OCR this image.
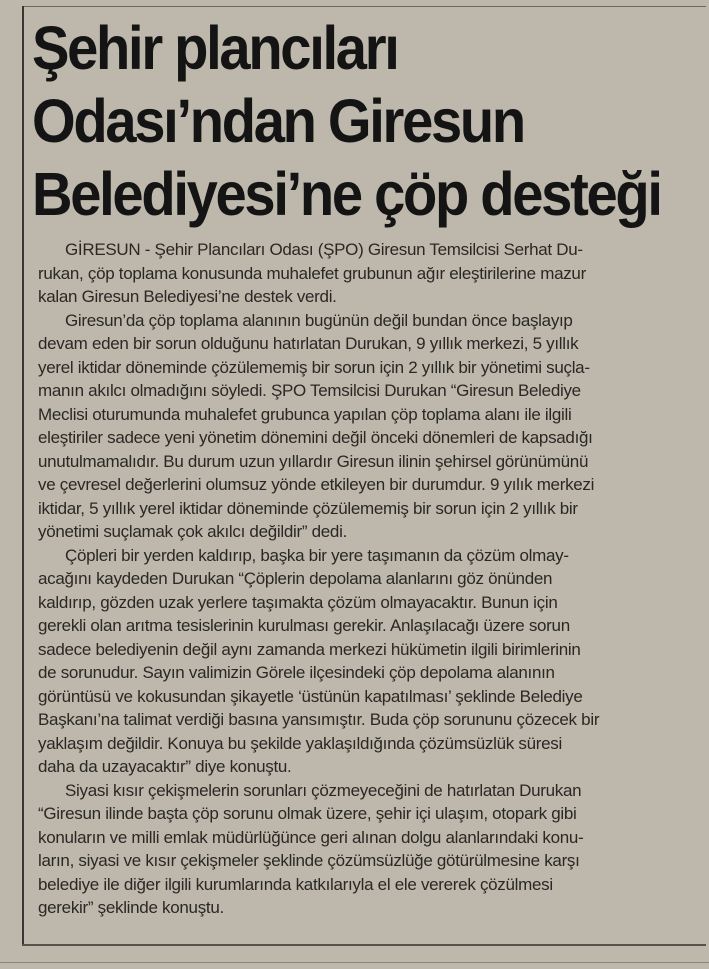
Şehir plancıları
Odası’ndan Giresun
Belediyesi’ne çöp desteği
GİRESUN - Şehir Plancıları Odası (ŞPO) Giresun Temsilcisi Serhat Du-
rukan, çöp toplama konusunda muhalefet grubunun ağır eleştirilerine mazur
kalan Giresun Belediyesi’ne destek verdi.
Giresun’da çöp toplama alanının bugünün değil bundan önce başlayıp
devam eden bir sorun olduğunu hatırlatan Durukan, 9 yıllık merkezi, 5 yıllık
yerel iktidar döneminde çözülememiş bir sorun için 2 yıllık bir yönetimi suçla-
manın akılcı olmadığını söyledi. ŞPO Temsilcisi Durukan “Giresun Belediye
Meclisi oturumunda muhalefet grubunca yapılan çöp toplama alanı ile ilgili
eleştiriler sadece yeni yönetim dönemini değil önceki dönemleri de kapsadığı
unutulmamalıdır. Bu durum uzun yıllardır Giresun ilinin şehirsel görünümünü
ve çevresel değerlerini olumsuz yönde etkileyen bir durumdur. 9 yılık merkezi
iktidar, 5 yıllık yerel iktidar döneminde çözülememiş bir sorun için 2 yıllık bir
yönetimi suçlamak çok akılcı değildir” dedi.
Çöpleri bir yerden kaldırıp, başka bir yere taşımanın da çözüm olmay-
acağını kaydeden Durukan “Çöplerin depolama alanlarını göz önünden
kaldırıp, gözden uzak yerlere taşımakta çözüm olmayacaktır. Bunun için
gerekli olan arıtma tesislerinin kurulması gerekir. Anlaşılacağı üzere sorun
sadece belediyenin değil aynı zamanda merkezi hükümetin ilgili birimlerinin
de sorunudur. Sayın valimizin Görele ilçesindeki çöp depolama alanının
görüntüsü ve kokusundan şikayetle ‘üstünün kapatılması’ şeklinde Belediye
Başkanı’na talimat verdiği basına yansımıştır. Buda çöp sorununu çözecek bir
yaklaşım değildir. Konuya bu şekilde yaklaşıldığında çözümsüzlük süresi
daha da uzayacaktır” diye konuştu.
Siyasi kısır çekişmelerin sorunları çözmeyeceğini de hatırlatan Durukan
“Giresun ilinde başta çöp sorunu olmak üzere, şehir içi ulaşım, otopark gibi
konuların ve milli emlak müdürlüğünce geri alınan dolgu alanlarındaki konu-
ların, siyasi ve kısır çekişmeler şeklinde çözümsüzlüğe götürülmesine karşı
belediye ile diğer ilgili kurumlarında katkılarıyla el ele vererek çözülmesi
gerekir” şeklinde konuştu.
